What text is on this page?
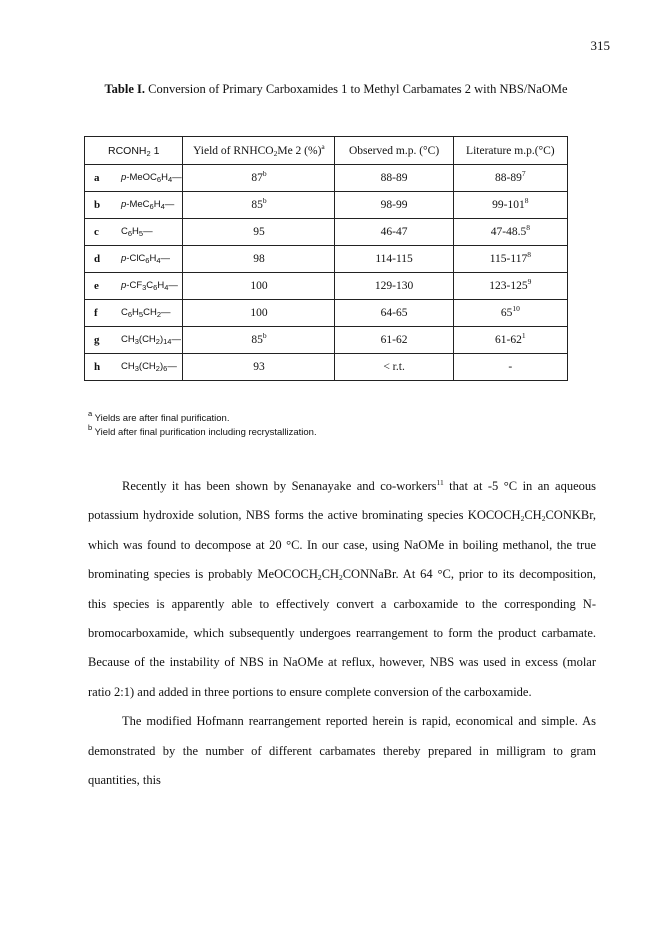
315
Table I. Conversion of Primary Carboxamides 1 to Methyl Carbamates 2 with NBS/NaOMe
$RCONH_2$ 1	Yield of $RNHCO_2Me$ 2 (%)$^a$	Observed m.p. (°C)	Literature m.p.(°C)

a $p-MeOC_6H_4—$	87$^b$	88-89	$88-89^7$

b $p-MeC_6H_4—$	85$^b$	98-99	$99-101^8$

c $C_6H_5—$	95	46-47	47-48.5$^8$

d $p-ClC_6H_4—$	98	114-115	$115-117^8$

e $p-CF_3C_6H_4—$	100	129-130	$123-125^9$

f $C_6H_5CH_2—$	100	64-65	$65^{10}$

g $CH_3(CH_2)_{14}—$	85$^b$	61-62	$61-62^1$

h $CH_3(CH_2)_6—$	93	< r.t.	-
$^a$ Yields are after final purification.
$^b$ Yield after final purification including recrystallization.

Recently it has been shown by Senanayake and co-workers$^{11}$ that at -5 °C in an aqueous potassium hydroxide solution, NBS forms the active brominating species $KOCOCH_2CH_2CONKBr$, which was found to decompose at 20 °C. In our case, using NaOMe in boiling methanol, the true brominating species is probably $MeOCOCH_2CH_2CONNaBr$. At 64 °C, prior to its decomposition, this species is apparently able to effectively convert a carboxamide to the corresponding N-bromocarboxamide, which subsequently undergoes rearrangement to form the product carbamate. Because of the instability of NBS in NaOMe at reflux, however, NBS was used in excess (molar ratio 2:1) and added in three portions to ensure complete conversion of the carboxamide.

The modified Hofmann rearrangement reported herein is rapid, economical and simple. As demonstrated by the number of different carbamates thereby prepared in milligram to gram quantities, this
